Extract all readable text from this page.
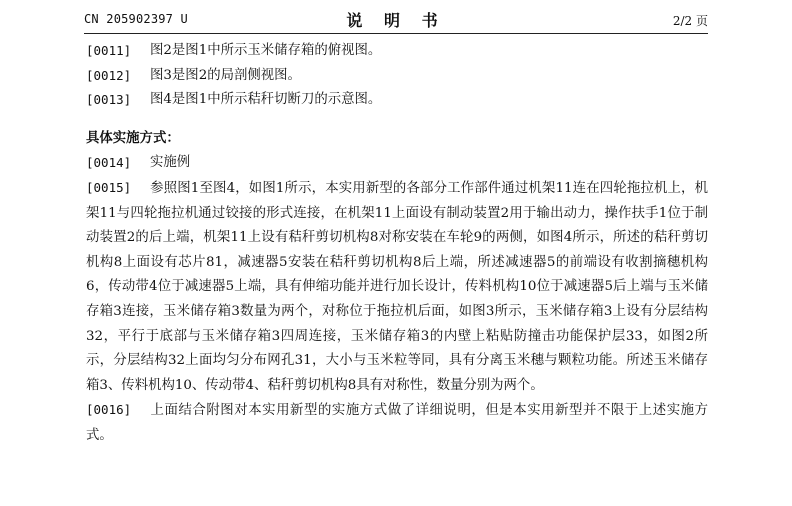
CN 205902397 U	说 明 书	2/2 页

[0011] 图2是图1中所示玉米储存箱的俯视图。

[0012] 图3是图2的局剖侧视图。

[0013] 图4是图1中所示秸秆切断刀的示意图。

具体实施方式：

[0014] 实施例

[0015] 参照图1至图4，如图1所示，本实用新型的各部分工作部件通过机架11连在四轮拖拉机上，机架11与四轮拖拉机通过铰接的形式连接，在机架11上面设有制动装置2用于输出动力，操作扶手1位于制动装置2的后上端，机架11上设有秸秆剪切机构8对称安装在车轮9的两侧，如图4所示，所述的秸秆剪切机构8上面设有芯片81，减速器5安装在秸秆剪切机构8后上端，所述减速器5的前端设有收割摘穗机构6，传动带4位于减速器5上端，具有伸缩功能并进行加长设计，传料机构10位于减速器5后上端与玉米储存箱3连接，玉米储存箱3数量为两个，对称位于拖拉机后面，如图3所示，玉米储存箱3上设有分层结构32，平行于底部与玉米储存箱3四周连接，玉米储存箱3的内壁上粘贴防撞击功能保护层33，如图2所示，分层结构32上面均匀分布网孔31，大小与玉米粒等同，具有分离玉米穗与颗粒功能。所述玉米储存箱3、传料机构10、传动带4、秸秆剪切机构8具有对称性，数量分别为两个。

[0016] 上面结合附图对本实用新型的实施方式做了详细说明，但是本实用新型并不限于上述实施方式。
